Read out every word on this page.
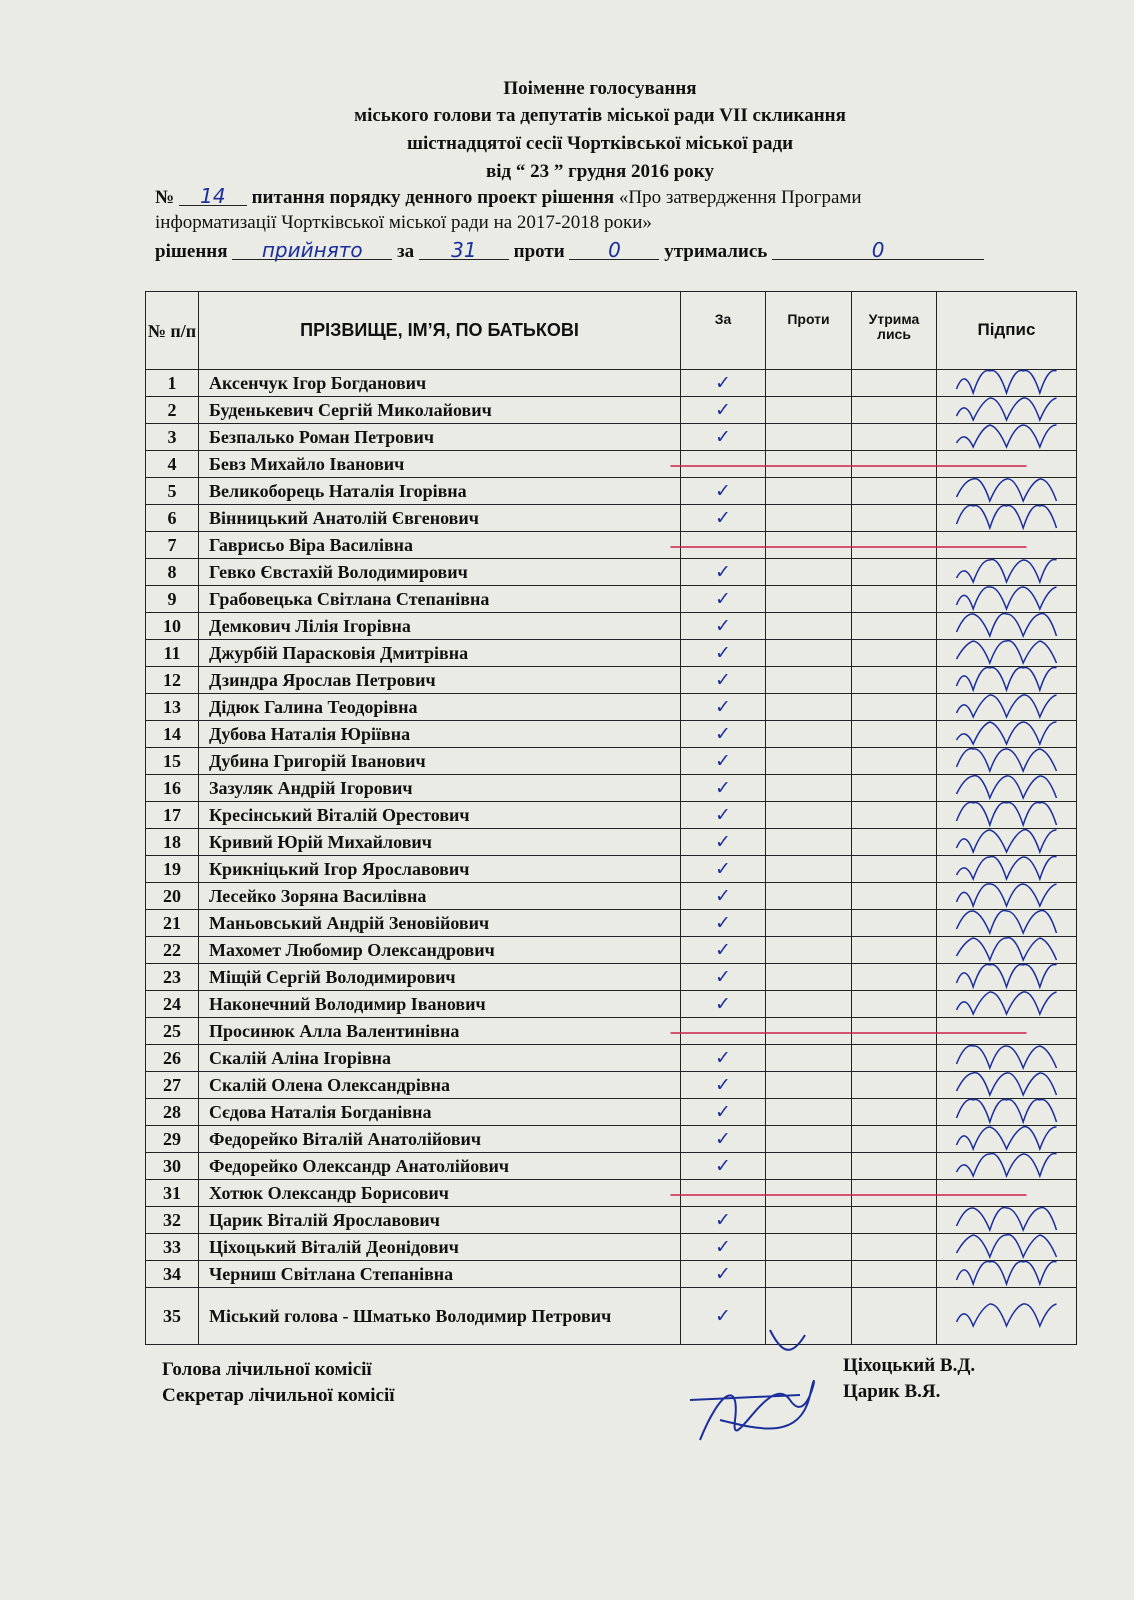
Поіменне голосування
міського голови та депутатів міської ради VІІ скликання
шістнадцятої сесії Чортківської міської ради
від “ 23 ” грудня 2016 року
№ 14 питання порядку денного проект рішення «Про затвердження Програми
інформатизації Чортківської міської ради на 2017-2018 роки»
рішення прийнято за 31 проти 0 утримались	0
№ п/п	ПРІЗВИЩЕ, ІМ’Я, ПО БАТЬКОВІ	За	Проти	Утрима лись	Підпис
1	Аксенчук Ігор Богданович	✓			
2	Буденькевич Сергій Миколайович	✓			
3	Безпалько Роман Петрович	✓			
4	Бевз Михайло Іванович				
5	Великоборець Наталія Ігорівна	✓			
6	Вінницький Анатолій Євгенович	✓			
7	Гаврисьо Віра Василівна				
8	Гевко Євстахій Володимирович	✓			
9	Грабовецька Світлана Степанівна	✓			
10	Демкович Лілія Ігорівна	✓			
11	Джурбій Парасковія Дмитрівна	✓			
12	Дзиндра Ярослав Петрович	✓			
13	Дідюк Галина Теодорівна	✓			
14	Дубова Наталія Юріївна	✓			
15	Дубина Григорій Іванович	✓			
16	Зазуляк Андрій Ігорович	✓			
17	Кресінський Віталій Орестович	✓			
18	Кривий Юрій Михайлович	✓			
19	Крикніцький Ігор Ярославович	✓			
20	Лесейко Зоряна Василівна	✓			
21	Маньовський Андрій Зеновійович	✓			
22	Махомет Любомир Олександрович	✓			
23	Міщій Сергій Володимирович	✓			
24	Наконечний Володимир Іванович	✓			
25	Просинюк Алла Валентинівна				
26	Скалій Аліна Ігорівна	✓			
27	Скалій Олена Олександрівна	✓			
28	Сєдова Наталія Богданівна	✓			
29	Федорейко Віталій Анатолійович	✓			
30	Федорейко Олександр Анатолійович	✓			
31	Хотюк Олександр Борисович				
32	Царик Віталій Ярославович	✓			
33	Ціхоцький Віталій Деонідович	✓			
34	Черниш Світлана Степанівна	✓			
35	Міський голова - Шматько Володимир Петрович	✓			
Голова лічильної комісії
Секретар лічильної комісії
Ціхоцький В.Д.
Царик В.Я.
